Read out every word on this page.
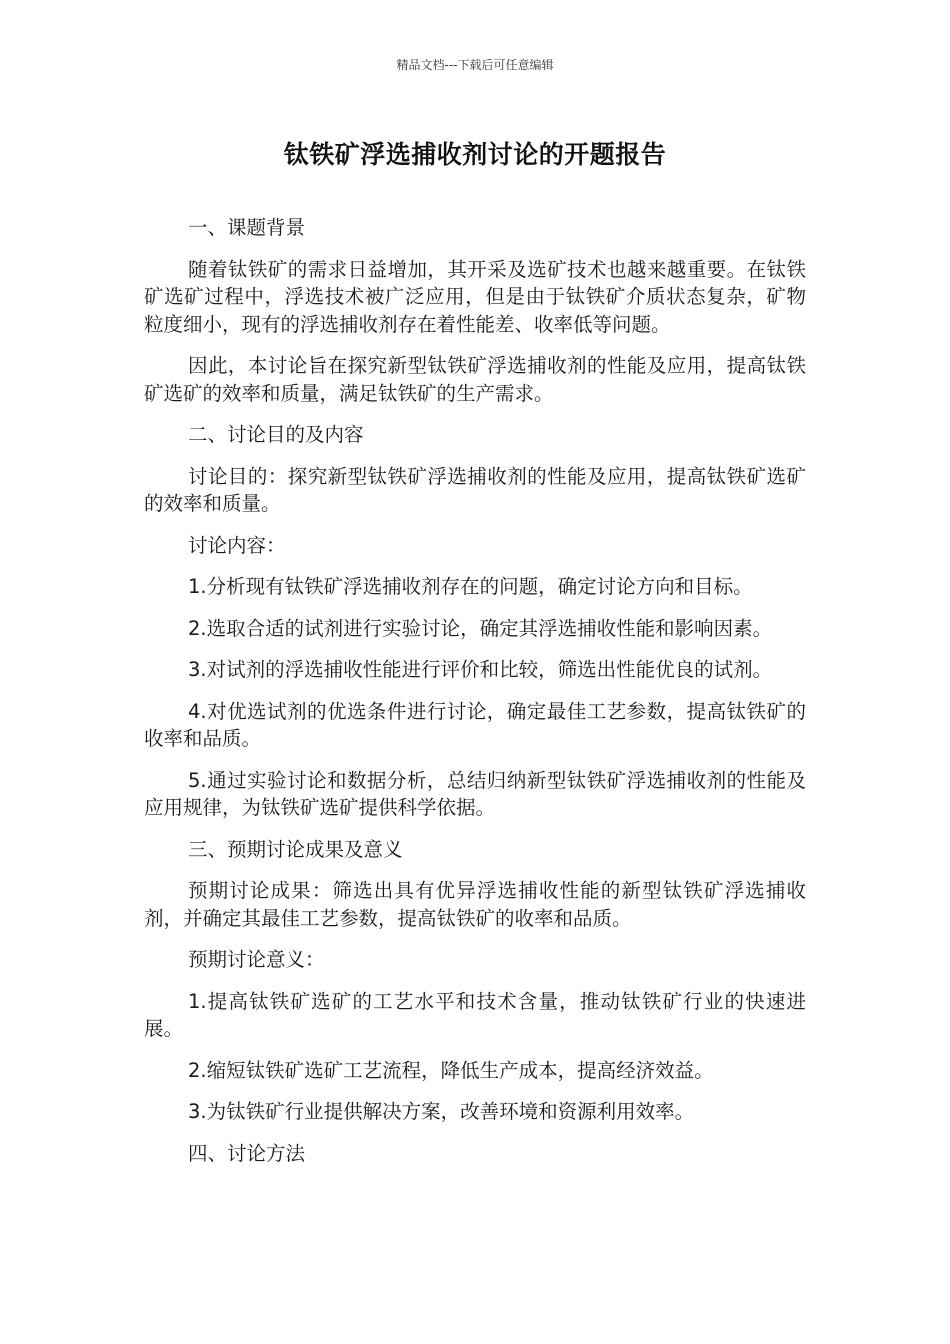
精品文档---下载后可任意编辑
钛铁矿浮选捕收剂讨论的开题报告

一、课题背景

随着钛铁矿的需求日益增加，其开采及选矿技术也越来越重要。在钛铁矿选矿过程中，浮选技术被广泛应用，但是由于钛铁矿介质状态复杂，矿物粒度细小，现有的浮选捕收剂存在着性能差、收率低等问题。

因此，本讨论旨在探究新型钛铁矿浮选捕收剂的性能及应用，提高钛铁矿选矿的效率和质量，满足钛铁矿的生产需求。

二、讨论目的及内容

讨论目的：探究新型钛铁矿浮选捕收剂的性能及应用，提高钛铁矿选矿的效率和质量。

讨论内容：

1.分析现有钛铁矿浮选捕收剂存在的问题，确定讨论方向和目标。

2.选取合适的试剂进行实验讨论，确定其浮选捕收性能和影响因素。

3.对试剂的浮选捕收性能进行评价和比较，筛选出性能优良的试剂。

4.对优选试剂的优选条件进行讨论，确定最佳工艺参数，提高钛铁矿的收率和品质。

5.通过实验讨论和数据分析，总结归纳新型钛铁矿浮选捕收剂的性能及应用规律，为钛铁矿选矿提供科学依据。

三、预期讨论成果及意义

预期讨论成果：筛选出具有优异浮选捕收性能的新型钛铁矿浮选捕收剂，并确定其最佳工艺参数，提高钛铁矿的收率和品质。

预期讨论意义：

1.提高钛铁矿选矿的工艺水平和技术含量，推动钛铁矿行业的快速进展。

2.缩短钛铁矿选矿工艺流程，降低生产成本，提高经济效益。

3.为钛铁矿行业提供解决方案，改善环境和资源利用效率。

四、讨论方法
